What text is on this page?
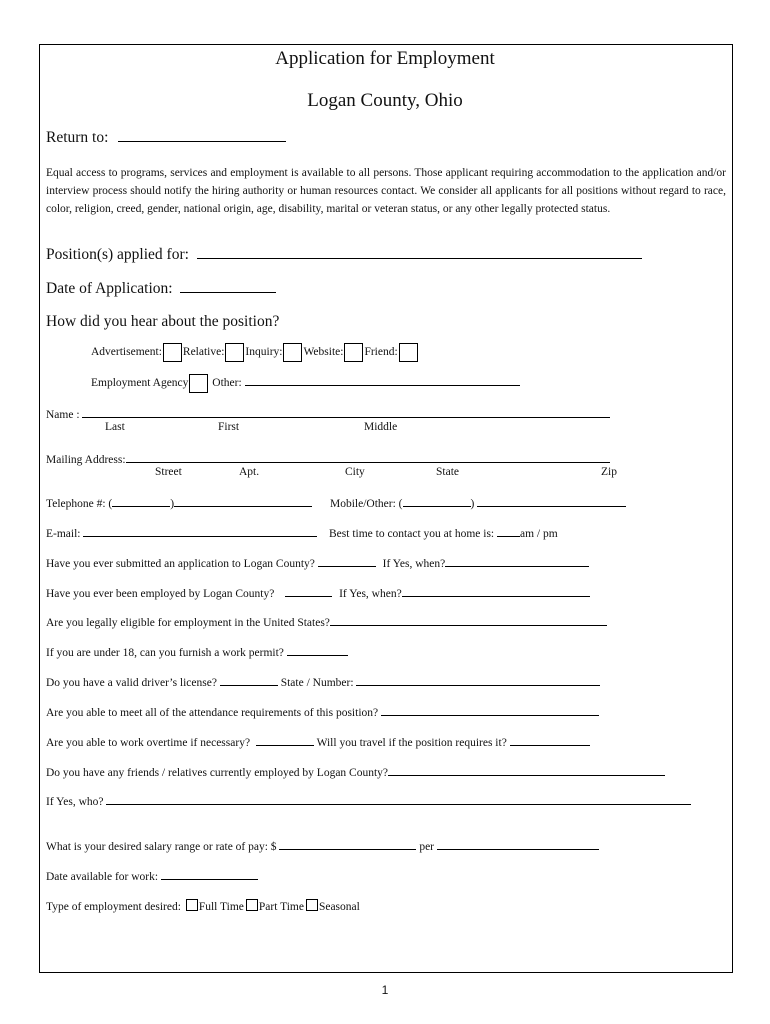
Application for Employment
Logan County, Ohio
Return to:
Equal access to programs, services and employment is available to all persons. Those applicant requiring accommodation to the application and/or interview process should notify the hiring authority or human resources contact. We consider all applicants for all positions without regard to race, color, religion, creed, gender, national origin, age, disability, marital or veteran status, or any other legally protected status.
Position(s) applied for:
Date of Application:
How did you hear about the position?
Advertisement: Relative: Inquiry: Website: Friend:
Employment Agency Other:
Name :
Last	First	Middle
Mailing Address:
Street	Apt.	City	State	Zip
Telephone #: (	)	Mobile/Other: (	)
E-mail:	Best time to contact you at home is: am / pm
Have you ever submitted an application to Logan County?	If Yes, when?
Have you ever been employed by Logan County?	If Yes, when?
Are you legally eligible for employment in the United States?
If you are under 18, can you furnish a work permit?
Do you have a valid driver’s license?	State / Number:
Are you able to meet all of the attendance requirements of this position?
Are you able to work overtime if necessary?	Will you travel if the position requires it?
Do you have any friends / relatives currently employed by Logan County?
If Yes, who?
What is your desired salary range or rate of pay: $	per
Date available for work:
Type of employment desired: Full Time Part Time Seasonal
1
